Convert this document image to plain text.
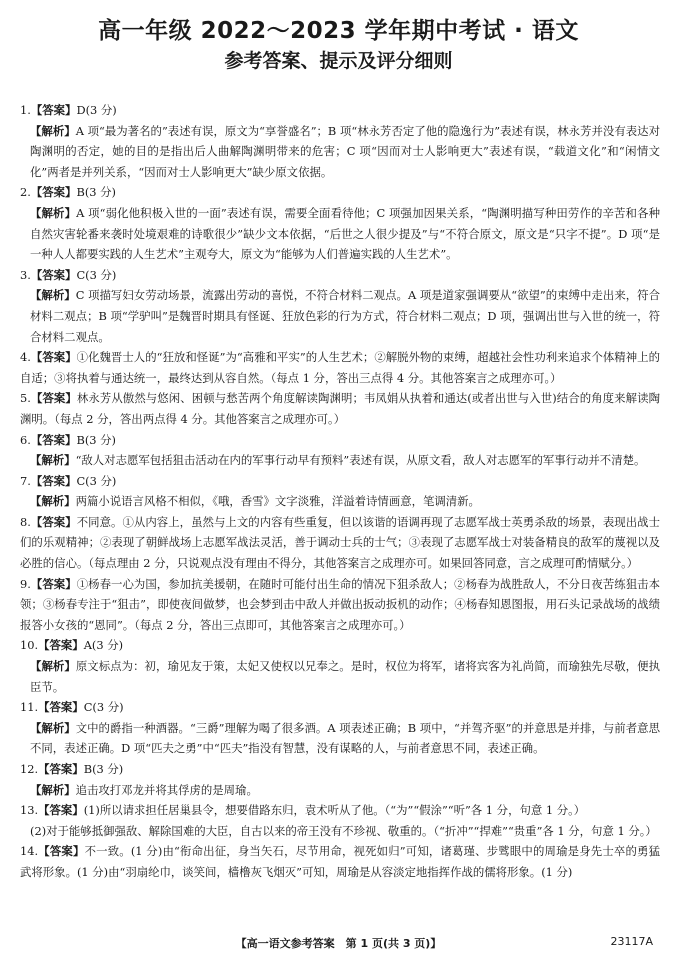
高一年级 2022～2023 学年期中考试 · 语文
参考答案、提示及评分细则

1.【答案】D(3 分)

【解析】A 项“最为著名的”表述有误，原文为“享誉盛名”；B 项“林永芳否定了他的隐逸行为”表述有误，林永芳并没有表达对陶渊明的否定，她的目的是指出后人曲解陶渊明带来的危害；C 项“因而对士人影响更大”表述有误，“载道文化”和“闲情文化”两者是并列关系，“因而对士人影响更大”缺少原文依据。

2.【答案】B(3 分)

【解析】A 项“弱化他积极入世的一面”表述有误，需要全面看待他；C 项强加因果关系，“陶渊明描写种田劳作的辛苦和各种自然灾害轮番来袭时处境艰难的诗歌很少”缺少文本依据，“后世之人很少提及”与“不符合原文，原文是“只字不提”。D 项“是一种人人都要实践的人生艺术”主观夸大，原文为“能够为人们普遍实践的人生艺术”。

3.【答案】C(3 分)

【解析】C 项描写妇女劳动场景，流露出劳动的喜悦，不符合材料二观点。A 项是道家强调要从“欲望”的束缚中走出来，符合材料二观点；B 项“学驴叫”是魏晋时期具有怪诞、狂放色彩的行为方式，符合材料二观点；D 项，强调出世与入世的统一，符合材料二观点。

4.【答案】①化魏晋士人的“狂放和怪诞”为“高雅和平实”的人生艺术；②解脱外物的束缚，超越社会性功利来追求个体精神上的自适；③将执着与通达统一，最终达到从容自然。（每点 1 分，答出三点得 4 分。其他答案言之成理亦可。）

5.【答案】林永芳从傲然与悠闲、困顿与愁苦两个角度解读陶渊明；韦凤娟从执着和通达(或者出世与入世)结合的角度来解读陶渊明。（每点 2 分，答出两点得 4 分。其他答案言之成理亦可。）

6.【答案】B(3 分)

【解析】“敌人对志愿军包括狙击活动在内的军事行动早有预料”表述有误，从原文看，敌人对志愿军的军事行动并不清楚。

7.【答案】C(3 分)

【解析】两篇小说语言风格不相似，《哦，香雪》文字淡雅，洋溢着诗情画意，笔调清新。

8.【答案】不同意。①从内容上，虽然与上文的内容有些重复，但以该谐的语调再现了志愿军战士英勇杀敌的场景，表现出战士们的乐观精神；②表现了朝鲜战场上志愿军战法灵活，善于调动士兵的士气；③表现了志愿军战士对装备精良的敌军的蔑视以及必胜的信心。（每点理由 2 分，只说观点没有理由不得分，其他答案言之成理亦可。如果回答同意，言之成理可酌情赋分。）

9.【答案】①杨春一心为国，参加抗美援朝，在随时可能付出生命的情况下狙杀敌人；②杨春为战胜敌人，不分日夜苦练狙击本领；③杨春专注于“狙击”，即使夜间做梦，也会梦到击中敌人并做出扳动扳机的动作；④杨春知恩图报，用石头记录战场的战绩报答小女孩的“恩同”。（每点 2 分，答出三点即可，其他答案言之成理亦可。）

10.【答案】A(3 分)

【解析】原文标点为：初，瑜见友于策，太妃又使权以兄奉之。是时，权位为将军，诸将宾客为礼尚简，而瑜独先尽敬，便执臣节。

11.【答案】C(3 分)

【解析】文中的爵指一种酒器。“三爵”理解为喝了很多酒。A 项表述正确；B 项中，“并驾齐驱”的并意思是并排，与前者意思不同，表述正确。D 项“匹夫之勇”中“匹夫”指没有智慧，没有谋略的人，与前者意思不同，表述正确。

12.【答案】B(3 分)

【解析】追击攻打邓龙并将其俘虏的是周瑜。

13.【答案】(1)所以请求担任居巢县令，想要借路东归，袁术听从了他。（“为”“假涂”“听”各 1 分，句意 1 分。）

(2)对于能够抵御强敌、解除国难的大臣，自古以来的帝王没有不珍视、敬重的。（“折冲”“捍难”“贵重”各 1 分，句意 1 分。）

14.【答案】不一致。(1 分)由“衔命出征，身当矢石，尽节用命，视死如归”可知，诸葛瑾、步骘眼中的周瑜是身先士卒的勇猛武将形象。(1 分)由“羽扇纶巾，谈笑间，樯橹灰飞烟灭”可知，周瑜是从容淡定地指挥作战的儒将形象。(1 分)

【高一语文参考答案　第 1 页(共 3 页)】	23117A
